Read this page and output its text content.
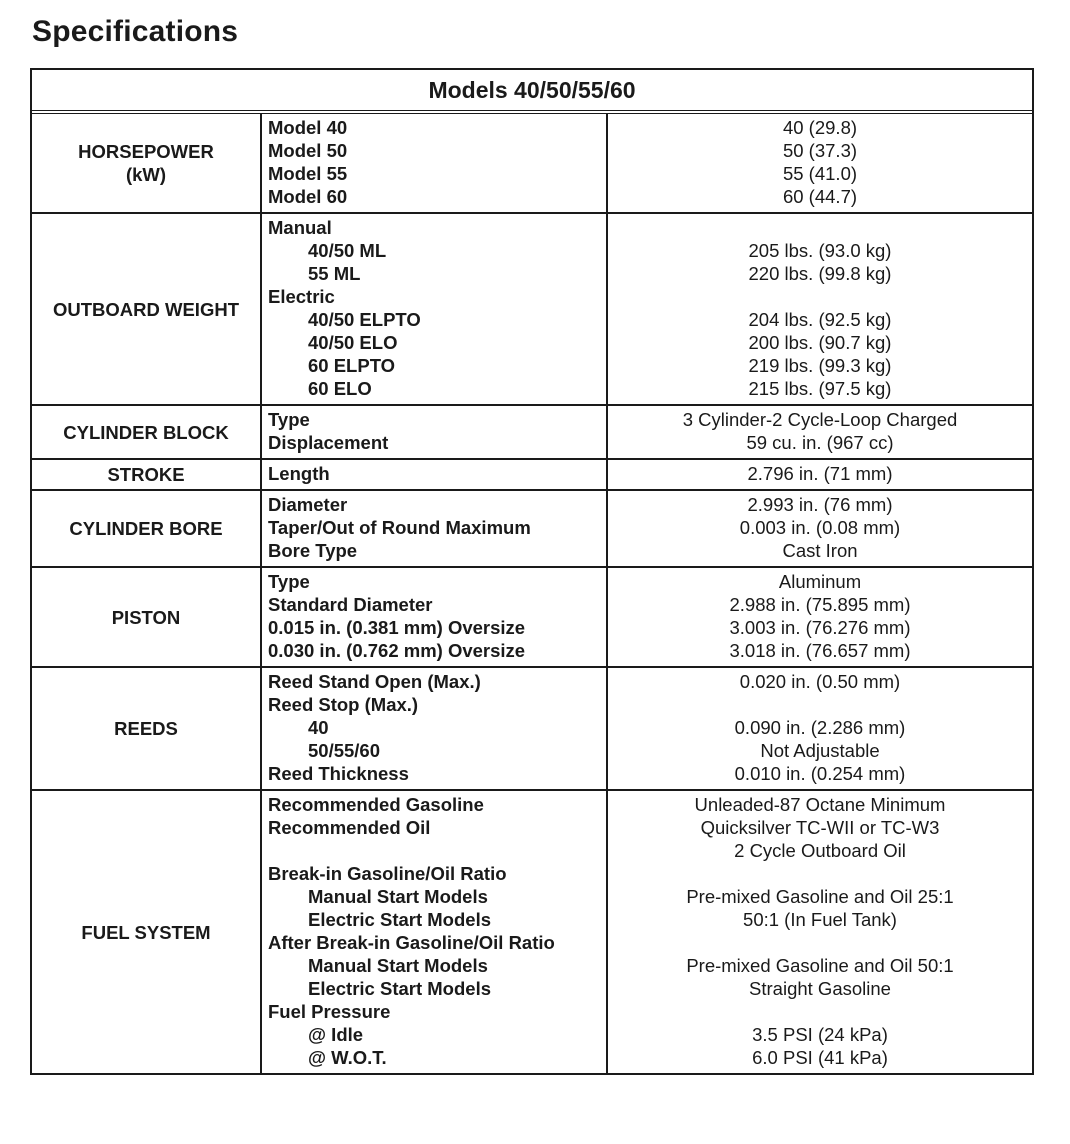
Specifications
Models 40/50/55/60
HORSEPOWER
(kW)
Model 40
Model 50
Model 55
Model 60
40 (29.8)
50 (37.3)
55 (41.0)
60 (44.7)
OUTBOARD WEIGHT
Manual
40/50 ML
55 ML
Electric
40/50 ELPTO
40/50 ELO
60 ELPTO
60 ELO
205 lbs. (93.0 kg)
220 lbs. (99.8 kg)
204 lbs. (92.5 kg)
200 lbs. (90.7 kg)
219 lbs. (99.3 kg)
215 lbs. (97.5 kg)
CYLINDER BLOCK
Type
Displacement
3 Cylinder-2 Cycle-Loop Charged
59 cu. in. (967 cc)
STROKE	Length	2.796 in. (71 mm)
CYLINDER BORE
Diameter
Taper/Out of Round Maximum
Bore Type
2.993 in. (76 mm)
0.003 in. (0.08 mm)
Cast Iron
PISTON
Type
Standard Diameter
0.015 in. (0.381 mm) Oversize
0.030 in. (0.762 mm) Oversize
Aluminum
2.988 in. (75.895 mm)
3.003 in. (76.276 mm)
3.018 in. (76.657 mm)
REEDS
Reed Stand Open (Max.)
Reed Stop (Max.)
40
50/55/60
Reed Thickness
0.020 in. (0.50 mm)
0.090 in. (2.286 mm)
Not Adjustable
0.010 in. (0.254 mm)
FUEL SYSTEM
Recommended Gasoline
Recommended Oil
Break-in Gasoline/Oil Ratio
Manual Start Models
Electric Start Models
After Break-in Gasoline/Oil Ratio
Manual Start Models
Electric Start Models
Fuel Pressure
@ Idle
@ W.O.T.
Unleaded-87 Octane Minimum
Quicksilver TC-WII or TC-W3
2 Cycle Outboard Oil
Pre-mixed Gasoline and Oil 25:1
50:1 (In Fuel Tank)
Pre-mixed Gasoline and Oil 50:1
Straight Gasoline
3.5 PSI (24 kPa)
6.0 PSI (41 kPa)
